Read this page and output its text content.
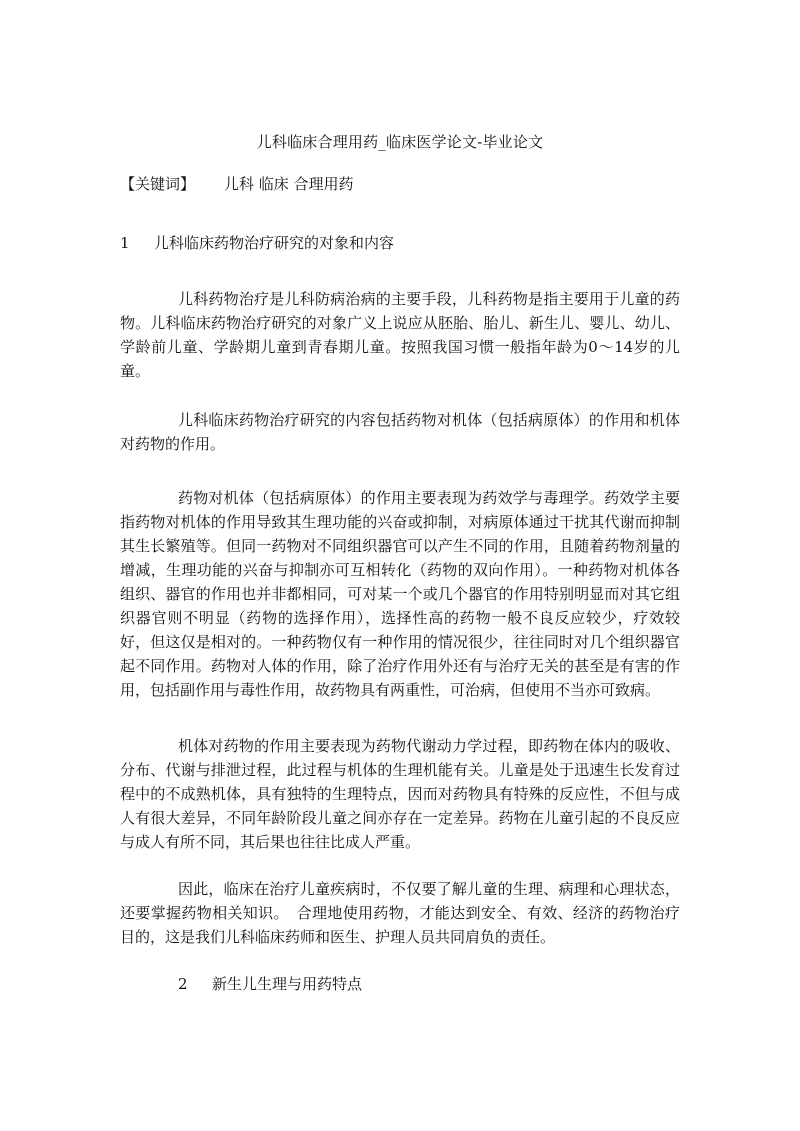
儿科临床合理用药_临床医学论文-毕业论文
【关键词】 儿科 临床 合理用药
1 儿科临床药物治疗研究的对象和内容
儿科药物治疗是儿科防病治病的主要手段，儿科药物是指主要用于儿童的药物。儿科临床药物治疗研究的对象广义上说应从胚胎、胎儿、新生儿、婴儿、幼儿、学龄前儿童、学龄期儿童到青春期儿童。按照我国习惯一般指年龄为0～14岁的儿童。
儿科临床药物治疗研究的内容包括药物对机体（包括病原体）的作用和机体对药物的作用。
药物对机体（包括病原体）的作用主要表现为药效学与毒理学。药效学主要指药物对机体的作用导致其生理功能的兴奋或抑制，对病原体通过干扰其代谢而抑制其生长繁殖等。但同一药物对不同组织器官可以产生不同的作用，且随着药物剂量的增减，生理功能的兴奋与抑制亦可互相转化（药物的双向作用）。一种药物对机体各组织、器官的作用也并非都相同，可对某一个或几个器官的作用特别明显而对其它组织器官则不明显（药物的选择作用），选择性高的药物一般不良反应较少，疗效较好，但这仅是相对的。一种药物仅有一种作用的情况很少，往往同时对几个组织器官起不同作用。药物对人体的作用，除了治疗作用外还有与治疗无关的甚至是有害的作用，包括副作用与毒性作用，故药物具有两重性，可治病，但使用不当亦可致病。
机体对药物的作用主要表现为药物代谢动力学过程，即药物在体内的吸收、分布、代谢与排泄过程，此过程与机体的生理机能有关。儿童是处于迅速生长发育过程中的不成熟机体，具有独特的生理特点，因而对药物具有特殊的反应性，不但与成人有很大差异，不同年龄阶段儿童之间亦存在一定差异。药物在儿童引起的不良反应与成人有所不同，其后果也往往比成人严重。
因此，临床在治疗儿童疾病时，不仅要了解儿童的生理、病理和心理状态，还要掌握药物相关知识。　合理地使用药物，才能达到安全、有效、经济的药物治疗目的，这是我们儿科临床药师和医生、护理人员共同肩负的责任。
2 新生儿生理与用药特点
